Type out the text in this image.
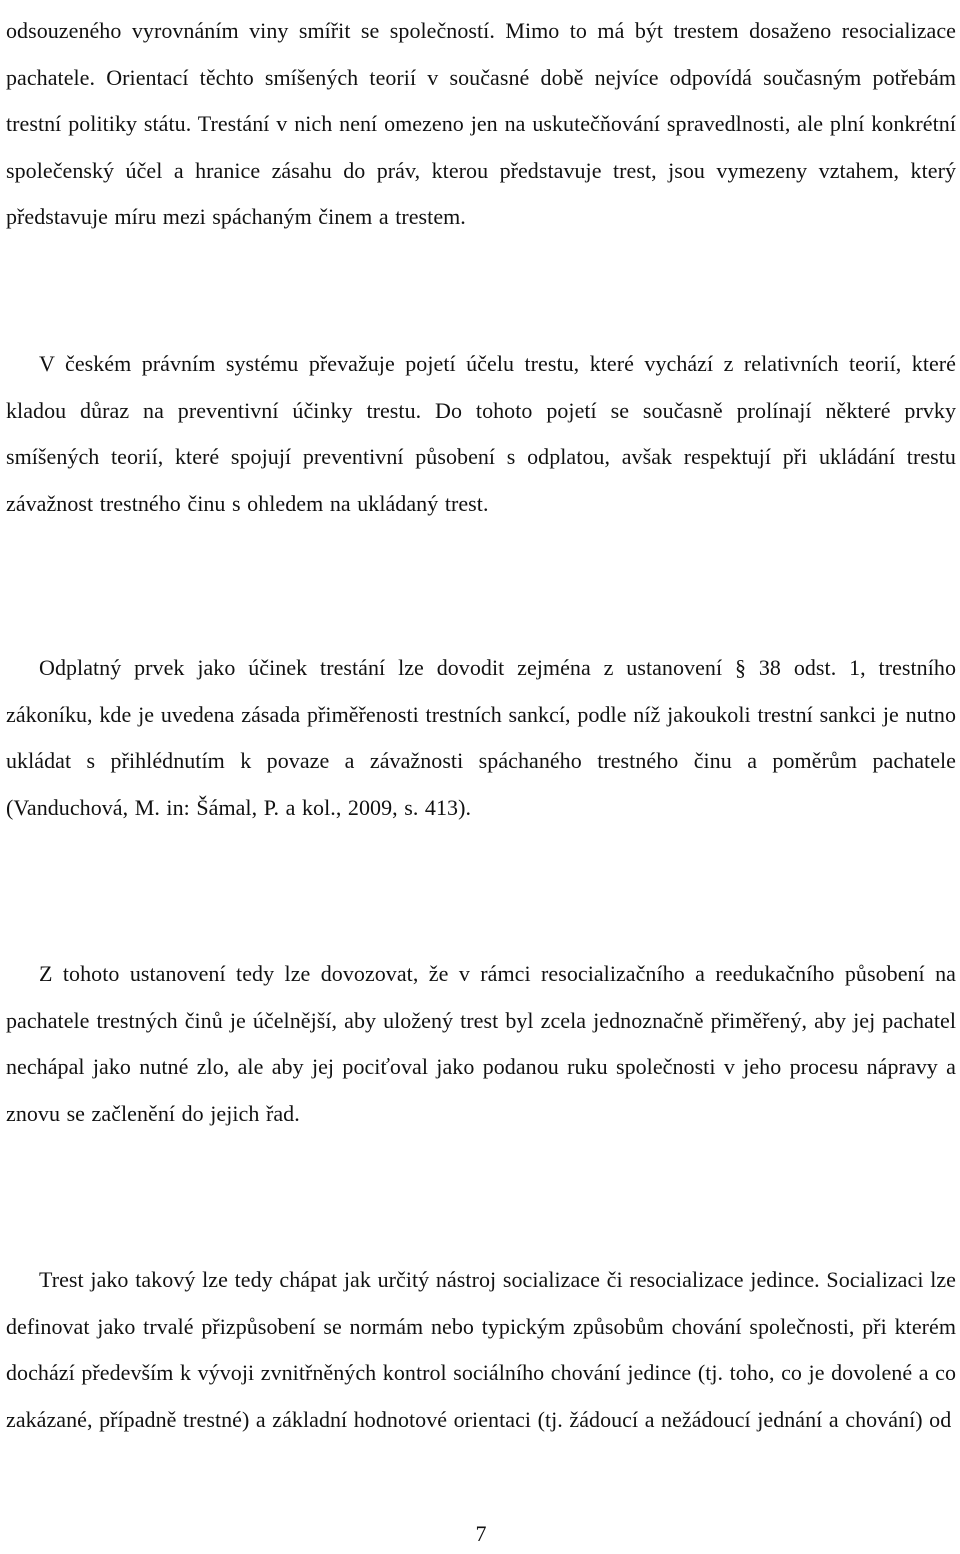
odsouzeného vyrovnáním viny smířit se společností. Mimo to má být trestem dosaženo resocializace pachatele. Orientací těchto smíšených teorií v současné době nejvíce odpovídá současným potřebám trestní politiky státu. Trestání v nich není omezeno jen na uskutečňování spravedlnosti, ale plní konkrétní společenský účel a hranice zásahu do práv, kterou představuje trest, jsou vymezeny vztahem, který představuje míru mezi spáchaným činem a trestem.

V českém právním systému převažuje pojetí účelu trestu, které vychází z relativních teorií, které kladou důraz na preventivní účinky trestu. Do tohoto pojetí se současně prolínají některé prvky smíšených teorií, které spojují preventivní působení s odplatou, avšak respektují při ukládání trestu závažnost trestného činu s ohledem na ukládaný trest.

Odplatný prvek jako účinek trestání lze dovodit zejména z ustanovení § 38 odst. 1, trestního zákoníku, kde je uvedena zásada přiměřenosti trestních sankcí, podle níž jakoukoli trestní sankci je nutno ukládat s přihlédnutím k povaze a závažnosti spáchaného trestného činu a poměrům pachatele (Vanduchová, M. in: Šámal, P. a kol., 2009, s. 413).

Z tohoto ustanovení tedy lze dovozovat, že v rámci resocializačního a reedukačního působení na pachatele trestných činů je účelnější, aby uložený trest byl zcela jednoznačně přiměřený, aby jej pachatel nechápal jako nutné zlo, ale aby jej pociťoval jako podanou ruku společnosti v jeho procesu nápravy a znovu se začlenění do jejich řad.

Trest jako takový lze tedy chápat jak určitý nástroj socializace či resocializace jedince. Socializaci lze definovat jako trvalé přizpůsobení se normám nebo typickým způsobům chování společnosti, při kterém dochází především k vývoji zvnitřněných kontrol sociálního chování jedince (tj. toho, co je dovolené a co zakázané, případně trestné) a základní hodnotové orientaci (tj. žádoucí a nežádoucí jednání a chování) od

7
